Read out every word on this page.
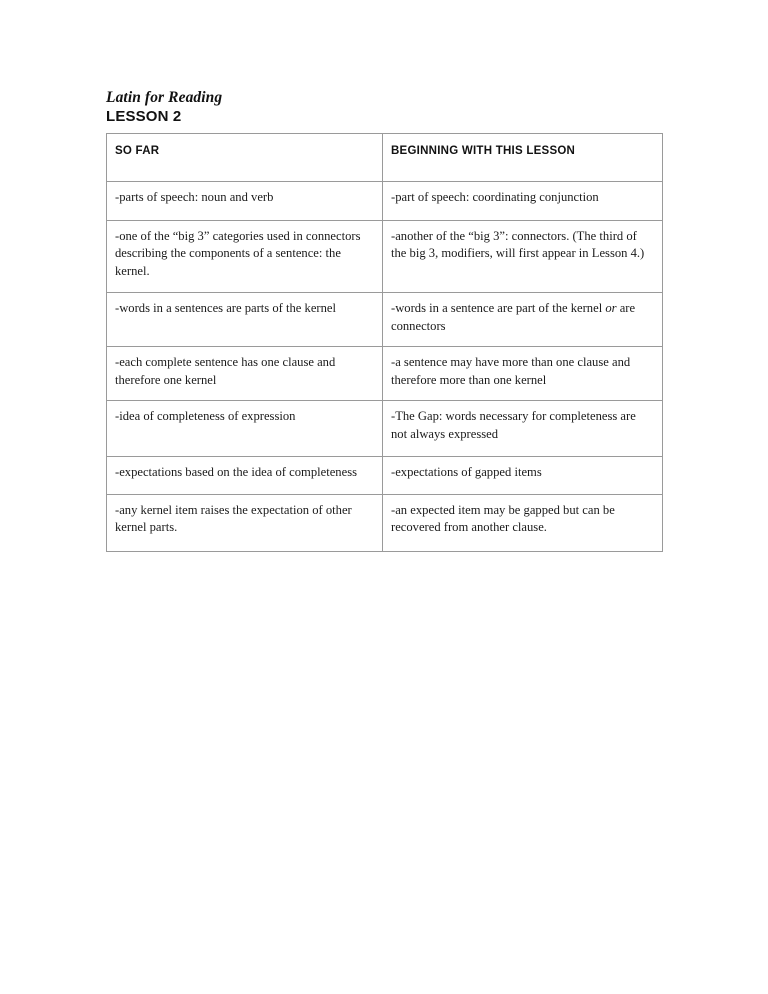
Latin for Reading
LESSON 2
SO FAR	BEGINNING WITH THIS LESSON

-parts of speech: noun and verb	-part of speech: coordinating conjunction

-one of the “big 3” categories used in connectors describing the components of a sentence: the kernel.	-another of the “big 3”: connectors. (The third of the big 3, modifiers, will first appear in Lesson 4.)

-words in a sentences are parts of the kernel	-words in a sentence are part of the kernel or are connectors

-each complete sentence has one clause and therefore one kernel	-a sentence may have more than one clause and therefore more than one kernel

-idea of completeness of expression	-The Gap: words necessary for completeness are not always expressed

-expectations based on the idea of completeness	-expectations of gapped items

-any kernel item raises the expectation of other kernel parts.	-an expected item may be gapped but can be recovered from another clause.
